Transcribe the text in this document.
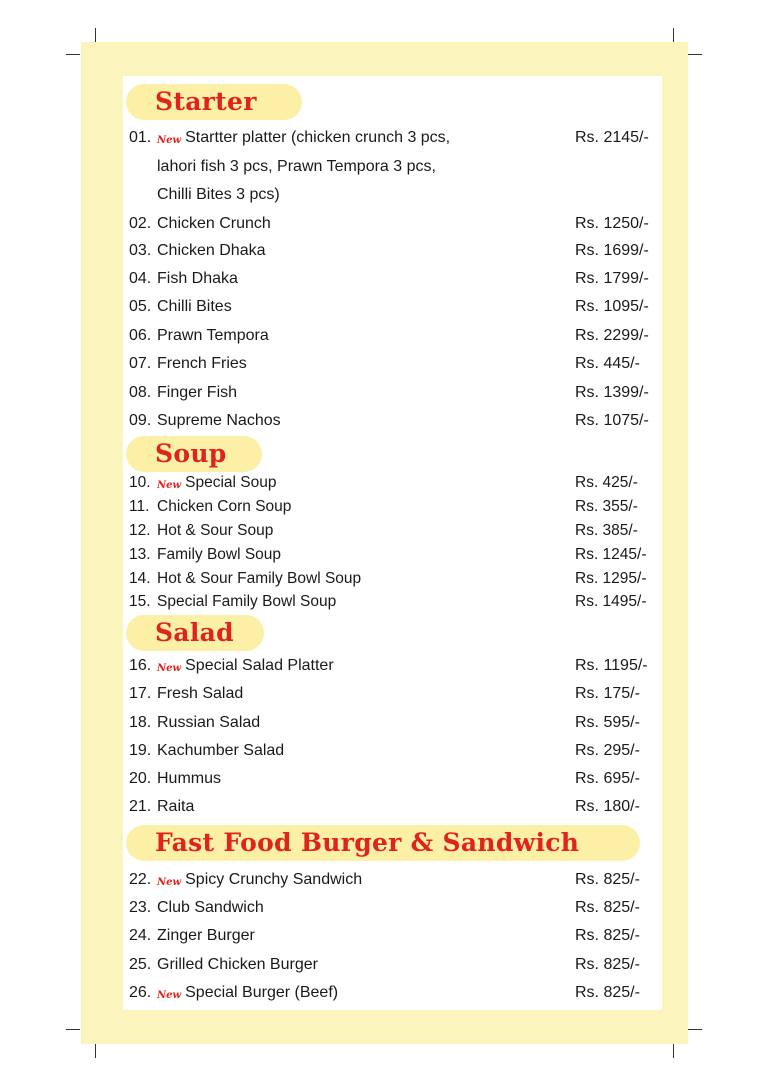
Starter
Soup
Salad
Fast Food Burger & Sandwich
01. New Startter platter (chicken crunch 3 pcs,	Rs. 2145/-
lahori fish 3 pcs, Prawn Tempora 3 pcs,
Chilli Bites 3 pcs)
02. Chicken Crunch	Rs. 1250/-
03. Chicken Dhaka	Rs. 1699/-
04. Fish Dhaka	Rs. 1799/-
05. Chilli Bites	Rs. 1095/-
06. Prawn Tempora	Rs. 2299/-
07. French Fries	Rs. 445/-
08. Finger Fish	Rs. 1399/-
09. Supreme Nachos	Rs. 1075/-
10. New Special Soup	Rs. 425/-
11. Chicken Corn Soup	Rs. 355/-
12. Hot & Sour Soup	Rs. 385/-
13. Family Bowl Soup	Rs. 1245/-
14. Hot & Sour Family Bowl Soup	Rs. 1295/-
15. Special Family Bowl Soup	Rs. 1495/-
16. New Special Salad Platter	Rs. 1195/-
17. Fresh Salad	Rs. 175/-
18. Russian Salad	Rs. 595/-
19. Kachumber Salad	Rs. 295/-
20. Hummus	Rs. 695/-
21. Raita	Rs. 180/-
22. New Spicy Crunchy Sandwich	Rs. 825/-
23. Club Sandwich	Rs. 825/-
24. Zinger Burger	Rs. 825/-
25. Grilled Chicken Burger	Rs. 825/-
26. New Special Burger (Beef)	Rs. 825/-
